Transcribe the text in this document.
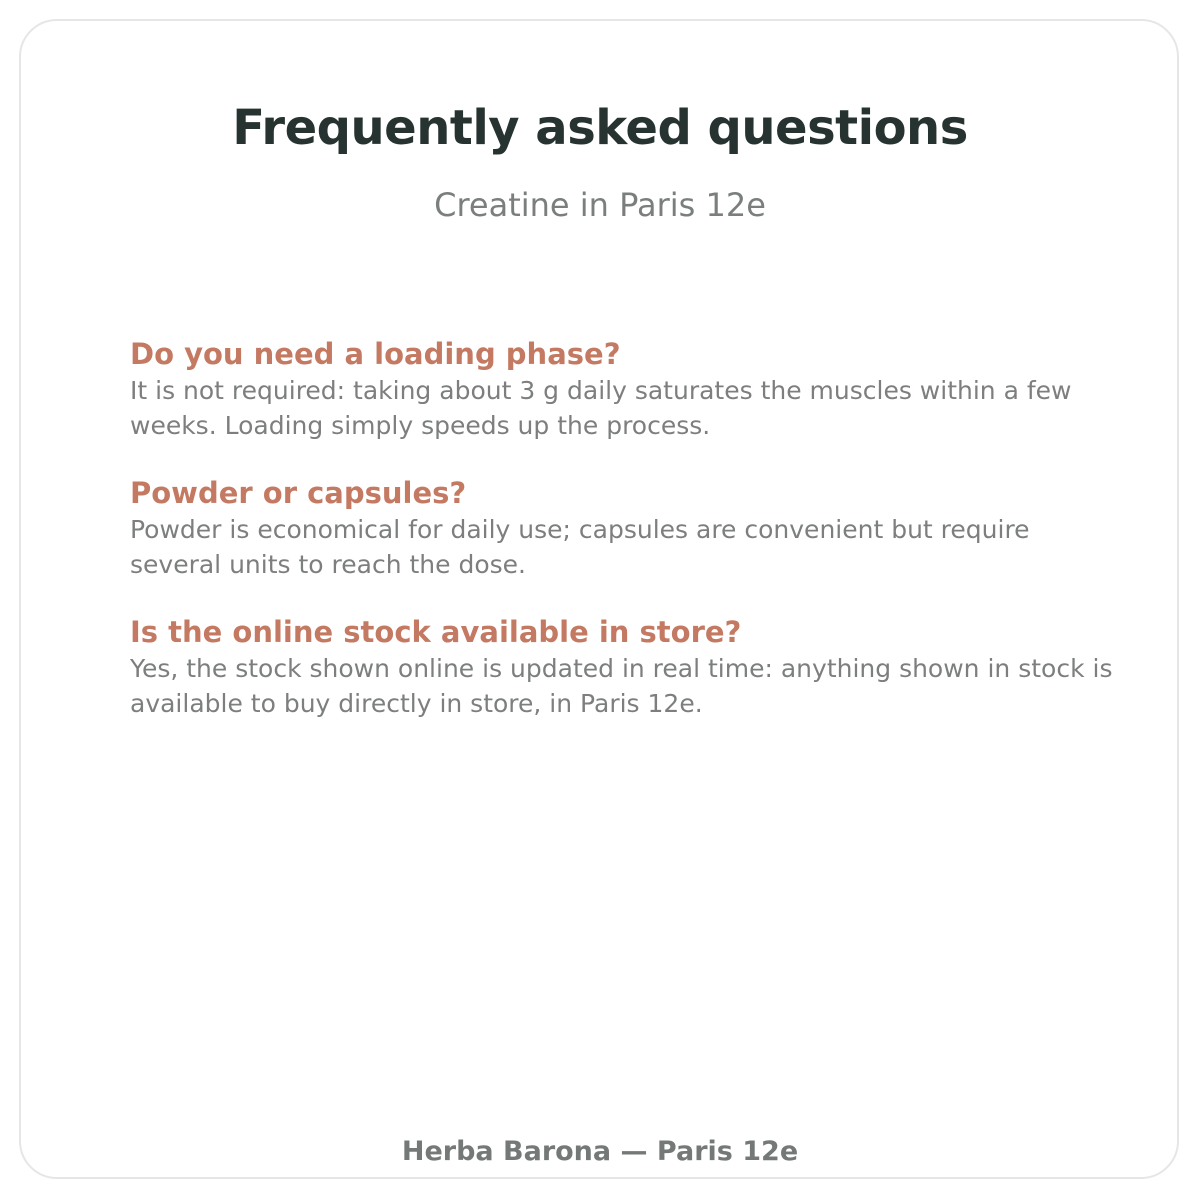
Frequently asked questions
Creatine in Paris 12e

Do you need a loading phase?

It is not required: taking about 3 g daily saturates the muscles within a few weeks. Loading simply speeds up the process.

Powder or capsules?

Powder is economical for daily use; capsules are convenient but require several units to reach the dose.

Is the online stock available in store?

Yes, the stock shown online is updated in real time: anything shown in stock is available to buy directly in store, in Paris 12e.

Herba Barona — Paris 12e
